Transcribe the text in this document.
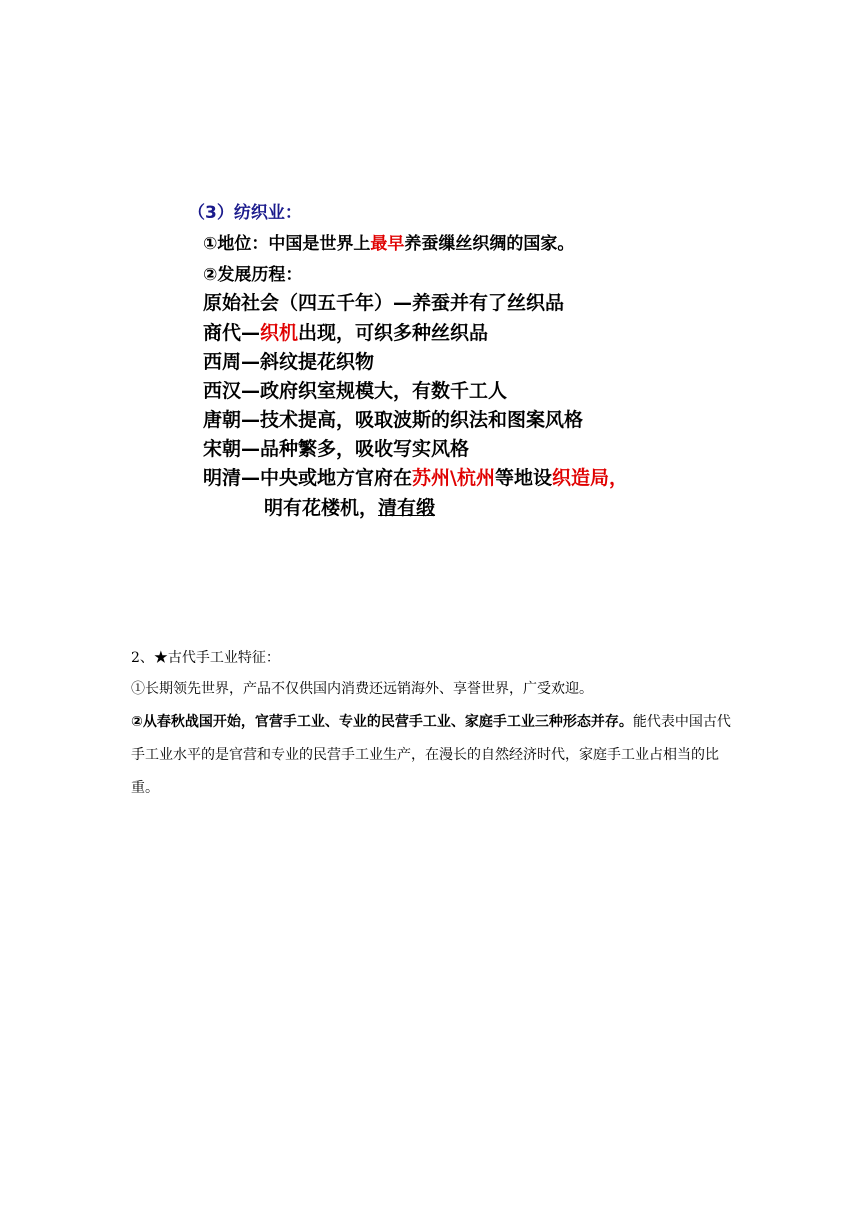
（3）纺织业：
①地位：中国是世界上最早养蚕缫丝织绸的国家。
②发展历程：
原始社会（四五千年）—养蚕并有了丝织品
商代—织机出现，可织多种丝织品
西周—斜纹提花织物
西汉—政府织室规模大，有数千工人
唐朝—技术提高，吸取波斯的织法和图案风格
宋朝—品种繁多，吸收写实风格
明清—中央或地方官府在苏州\杭州等地设织造局，
明有花楼机，清有缎
2、★古代手工业特征：
①长期领先世界，产品不仅供国内消费还远销海外、享誉世界，广受欢迎。
②从春秋战国开始，官营手工业、专业的民营手工业、家庭手工业三种形态并存。能代表中国古代手工业水平的是官营和专业的民营手工业生产，在漫长的自然经济时代，家庭手工业占相当的比重。
